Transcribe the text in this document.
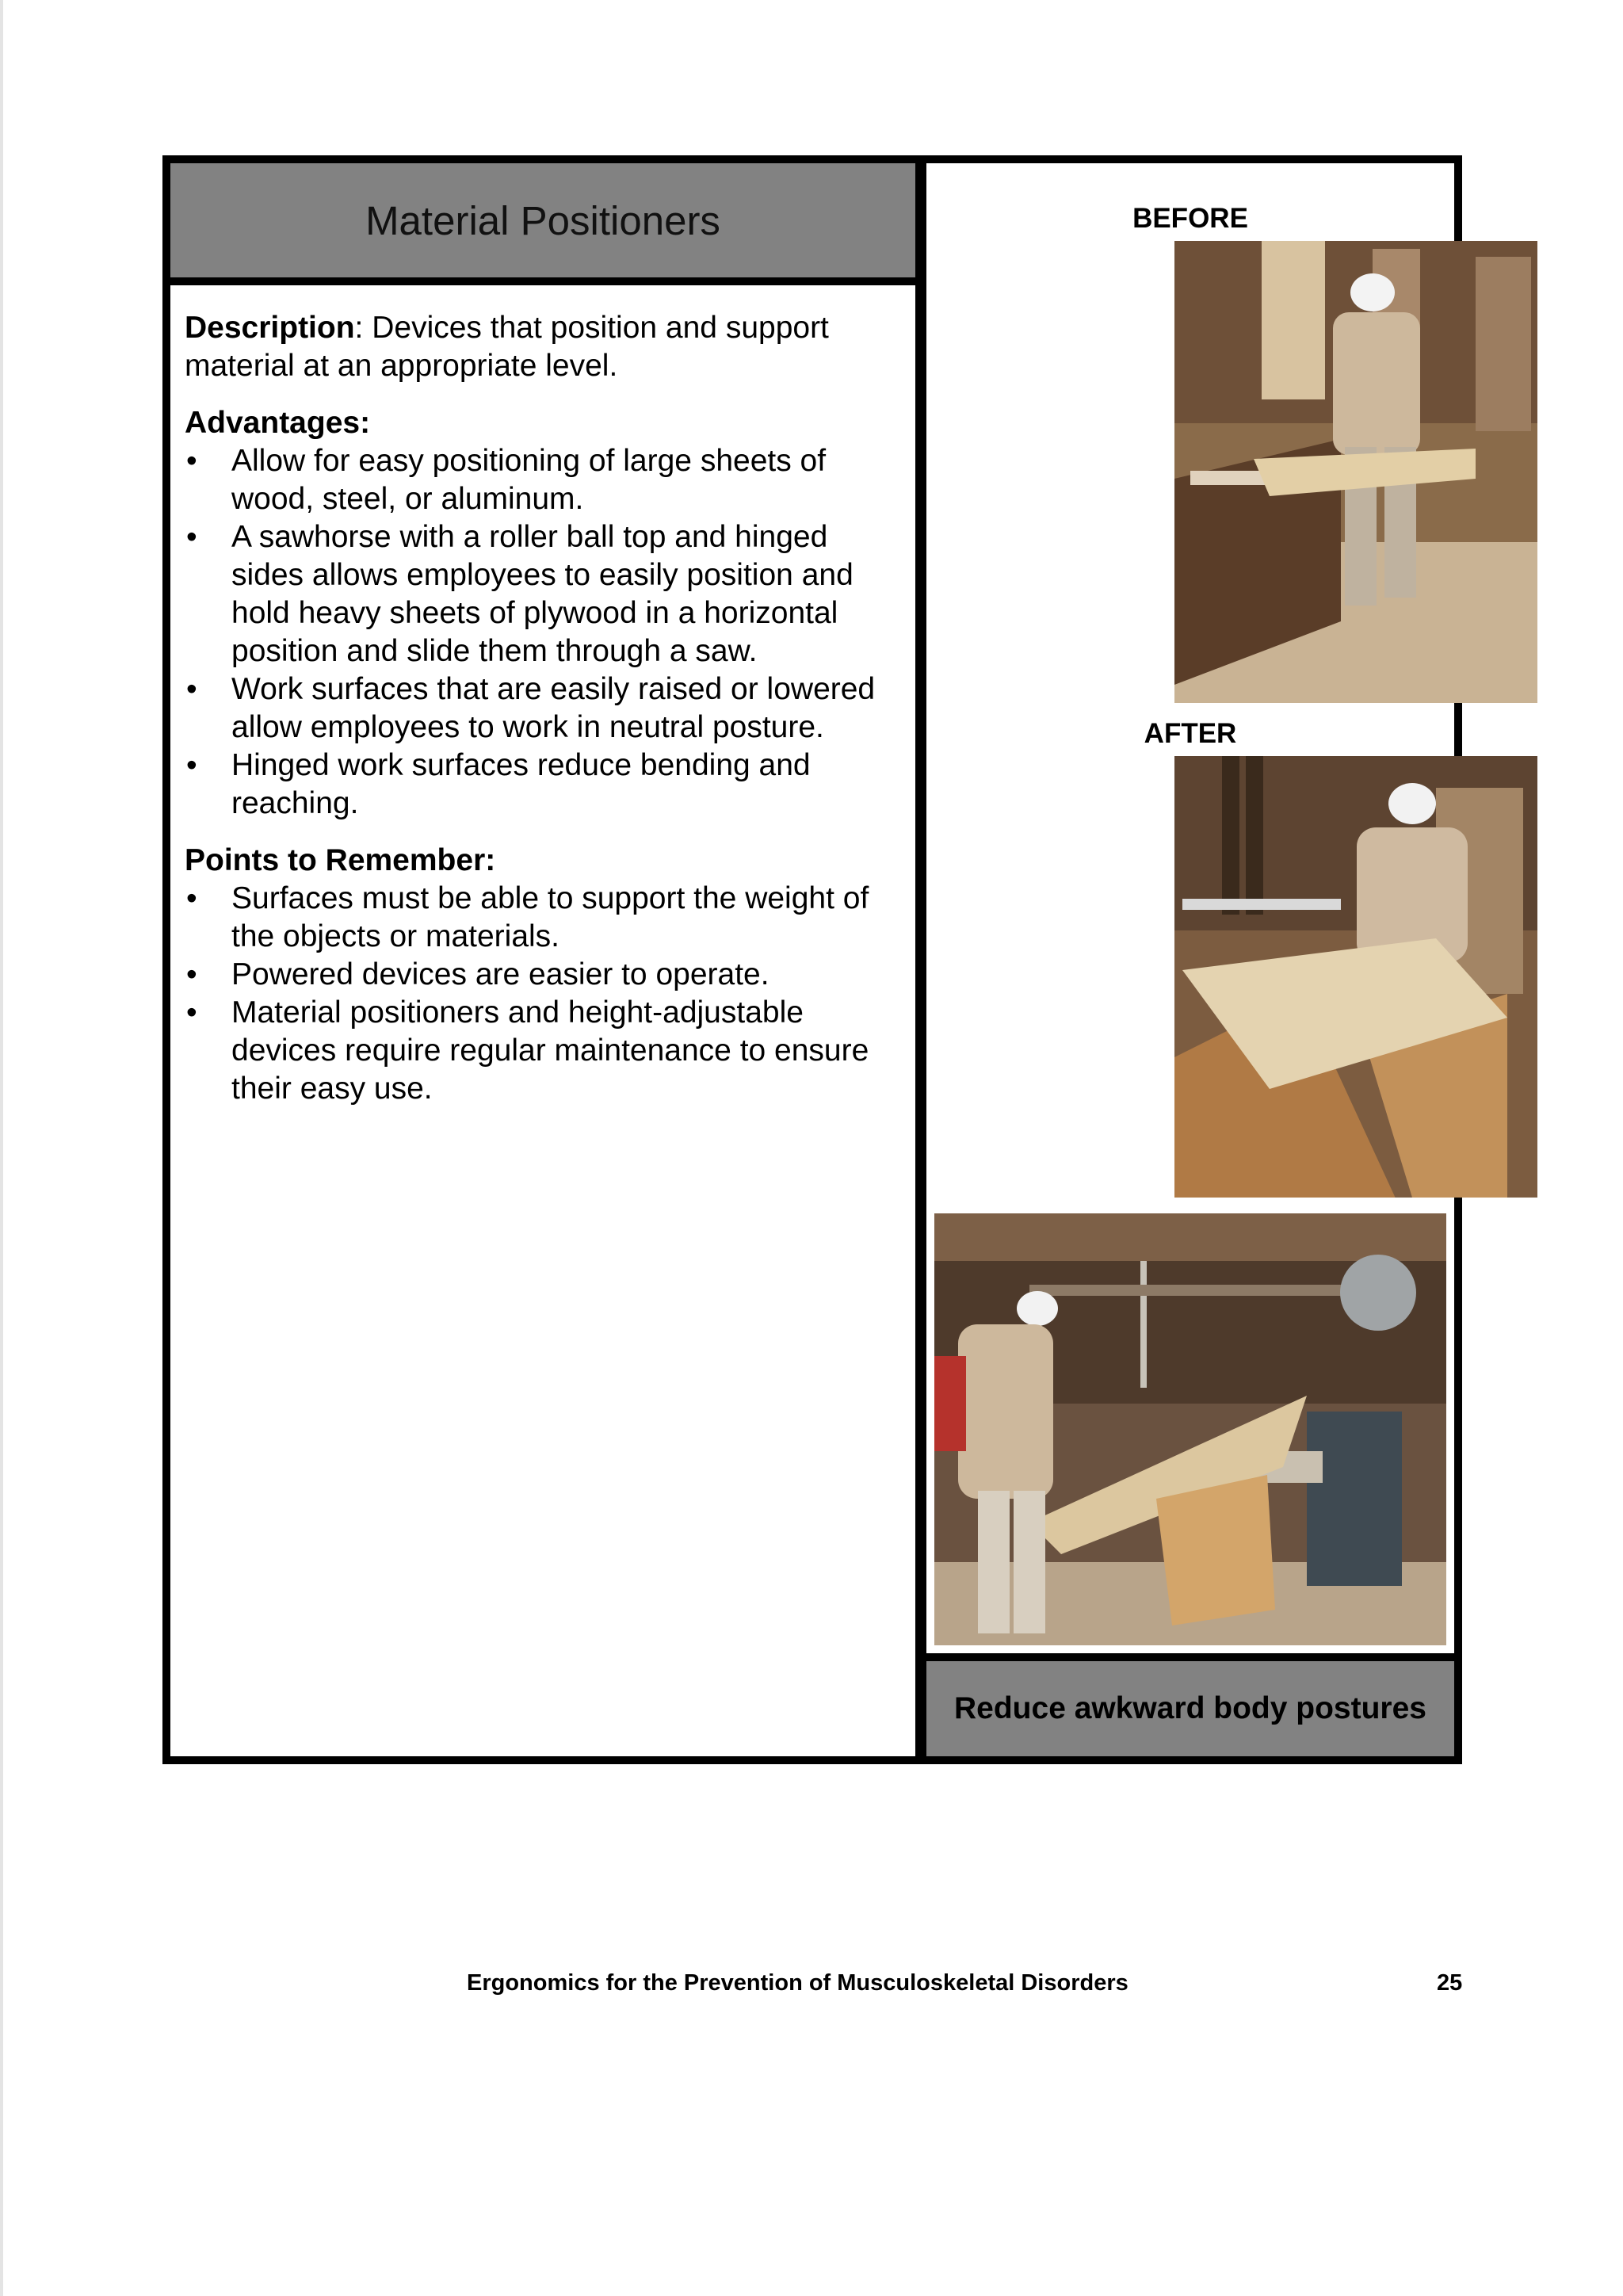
Material Positioners

Description: Devices that position and support material at an appropriate level.

Advantages:

• Allow for easy positioning of large sheets of wood, steel, or aluminum.
• A sawhorse with a roller ball top and hinged sides allows employees to easily position and hold heavy sheets of plywood in a horizontal position and slide them through a saw.
• Work surfaces that are easily raised or lowered allow employees to work in neutral posture.
• Hinged work surfaces reduce bending and reaching.

Points to Remember:

• Surfaces must be able to support the weight of the objects or materials.
• Powered devices are easier to operate.
• Material positioners and height-adjustable devices require regular maintenance to ensure their easy use.
BEFORE
AFTER
Reduce awkward body postures
Ergonomics for the Prevention of Musculoskeletal Disorders	25
